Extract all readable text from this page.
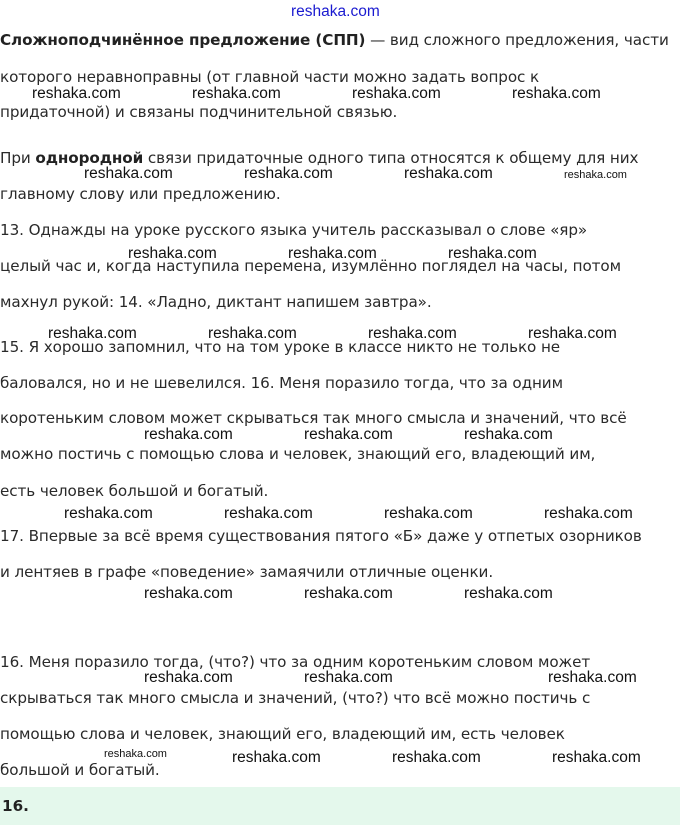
reshaka.com
Сложноподчинённое предложение (СПП) — вид сложного предложения, части
которого неравноправны (от главной части можно задать вопрос к
придаточной) и связаны подчинительной связью.
При однородной связи придаточные одного типа относятся к общему для них
главному слову или предложению.
13. Однажды на уроке русского языка учитель рассказывал о слове «яр»
целый час и, когда наступила перемена, изумлённо поглядел на часы, потом
махнул рукой: 14. «Ладно, диктант напишем завтра».
15. Я хорошо запомнил, что на том уроке в классе никто не только не
баловался, но и не шевелился. 16. Меня поразило тогда, что за одним
коротеньким словом может скрываться так много смысла и значений, что всё
можно постичь с помощью слова и человек, знающий его, владеющий им,
есть человек большой и богатый.
17. Впервые за всё время существования пятого «Б» даже у отпетых озорников
и лентяев в графе «поведение» замаячили отличные оценки.
16. Меня поразило тогда, (что?) что за одним коротеньким словом может
скрываться так много смысла и значений, (что?) что всё можно постичь с
помощью слова и человек, знающий его, владеющий им, есть человек
большой и богатый.
reshaka.com	reshaka.com	reshaka.com	reshaka.com
reshaka.com	reshaka.com	reshaka.com	reshaka.com
reshaka.com	reshaka.com	reshaka.com
reshaka.com	reshaka.com	reshaka.com	reshaka.com
reshaka.com	reshaka.com	reshaka.com
reshaka.com	reshaka.com	reshaka.com	reshaka.com
reshaka.com	reshaka.com	reshaka.com
reshaka.com	reshaka.com	reshaka.com
reshaka.com	reshaka.com	reshaka.com	reshaka.com
16.
